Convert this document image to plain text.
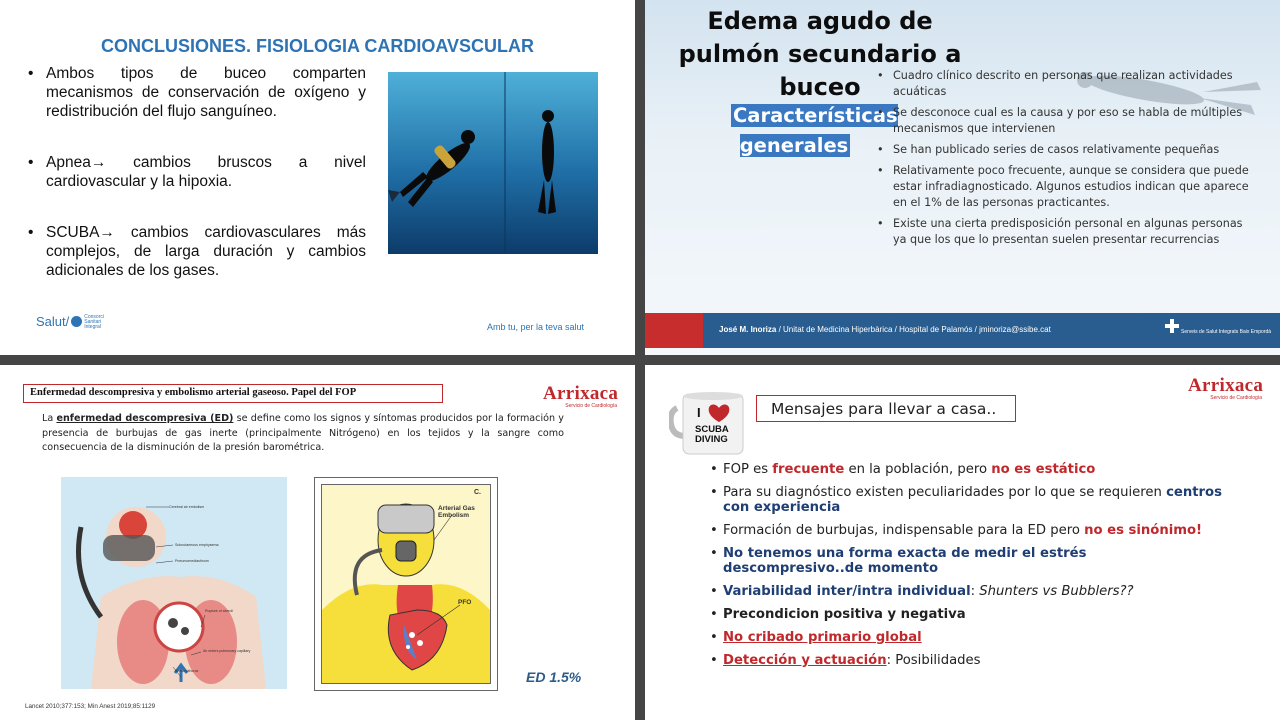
CONCLUSIONES. FISIOLOGIA CARDIOAVSCULAR
• Ambos tipos de buceo comparten mecanismos de conservación de oxígeno y redistribución del flujo sanguíneo.
• Apnea→ cambios bruscos a nivel cardiovascular y la hipoxia.
• SCUBA→ cambios cardiovasculares más complejos, de larga duración y cambios adicionales de los gases.
Salut/	Consorci Sanitari Integral	Amb tu, per la teva salut
Edema agudo de pulmón secundario a buceo
Características generales
• Cuadro clínico descrito en personas que realizan actividades acuáticas
• Se desconoce cual es la causa y por eso se habla de múltiples mecanismos que intervienen
• Se han publicado series de casos relativamente pequeñas
• Relativamente poco frecuente, aunque se considera que puede estar infradiagnosticado. Algunos estudios indican que aparece en el 1% de las personas practicantes.
• Existe una cierta predisposición personal en algunas personas ya que los que lo presentan suelen presentar recurrencias
José M. Inoriza / Unitat de Medicina Hiperbàrica / Hospital de Palamós / jminoriza@ssibe.cat	Serveis de Salut Integrats Baix Empordà
Enfermedad descompresiva y embolismo arterial gaseoso. Papel del FOP	Arrixaca
Servicio de Cardiología
La enfermedad descompresiva (ED) se define como los signos y síntomas producidos por la formación y presencia de burbujas de gas inerte (principalmente Nitrógeno) en los tejidos y la sangre como consecuencia de la disminución de la presión barométrica.
Cerebral air embolism
Subcutaneous emphysema
Pneumomediastinum
Rupture of alveoli
Air enters pulmonary capillary
Pneumothorax
C.
Arterial Gas Embolism
PFO
ED 1.5%
Lancet 2010;377:153; Min Anest 2019;85:1129
I
SCUBA
DIVING
Mensajes para llevar a casa..
Arrixaca
Servicio de Cardiología
• FOP es frecuente en la población, pero no es estático
• Para su diagnóstico existen peculiaridades por lo que se requieren centros con experiencia
• Formación de burbujas, indispensable para la ED pero no es sinónimo!
• No tenemos una forma exacta de medir el estrés descompresivo..de momento
• Variabilidad inter/intra individual: Shunters vs Bubblers??
• Precondicion positiva y negativa
• No cribado primario global
• Detección y actuación: Posibilidades
